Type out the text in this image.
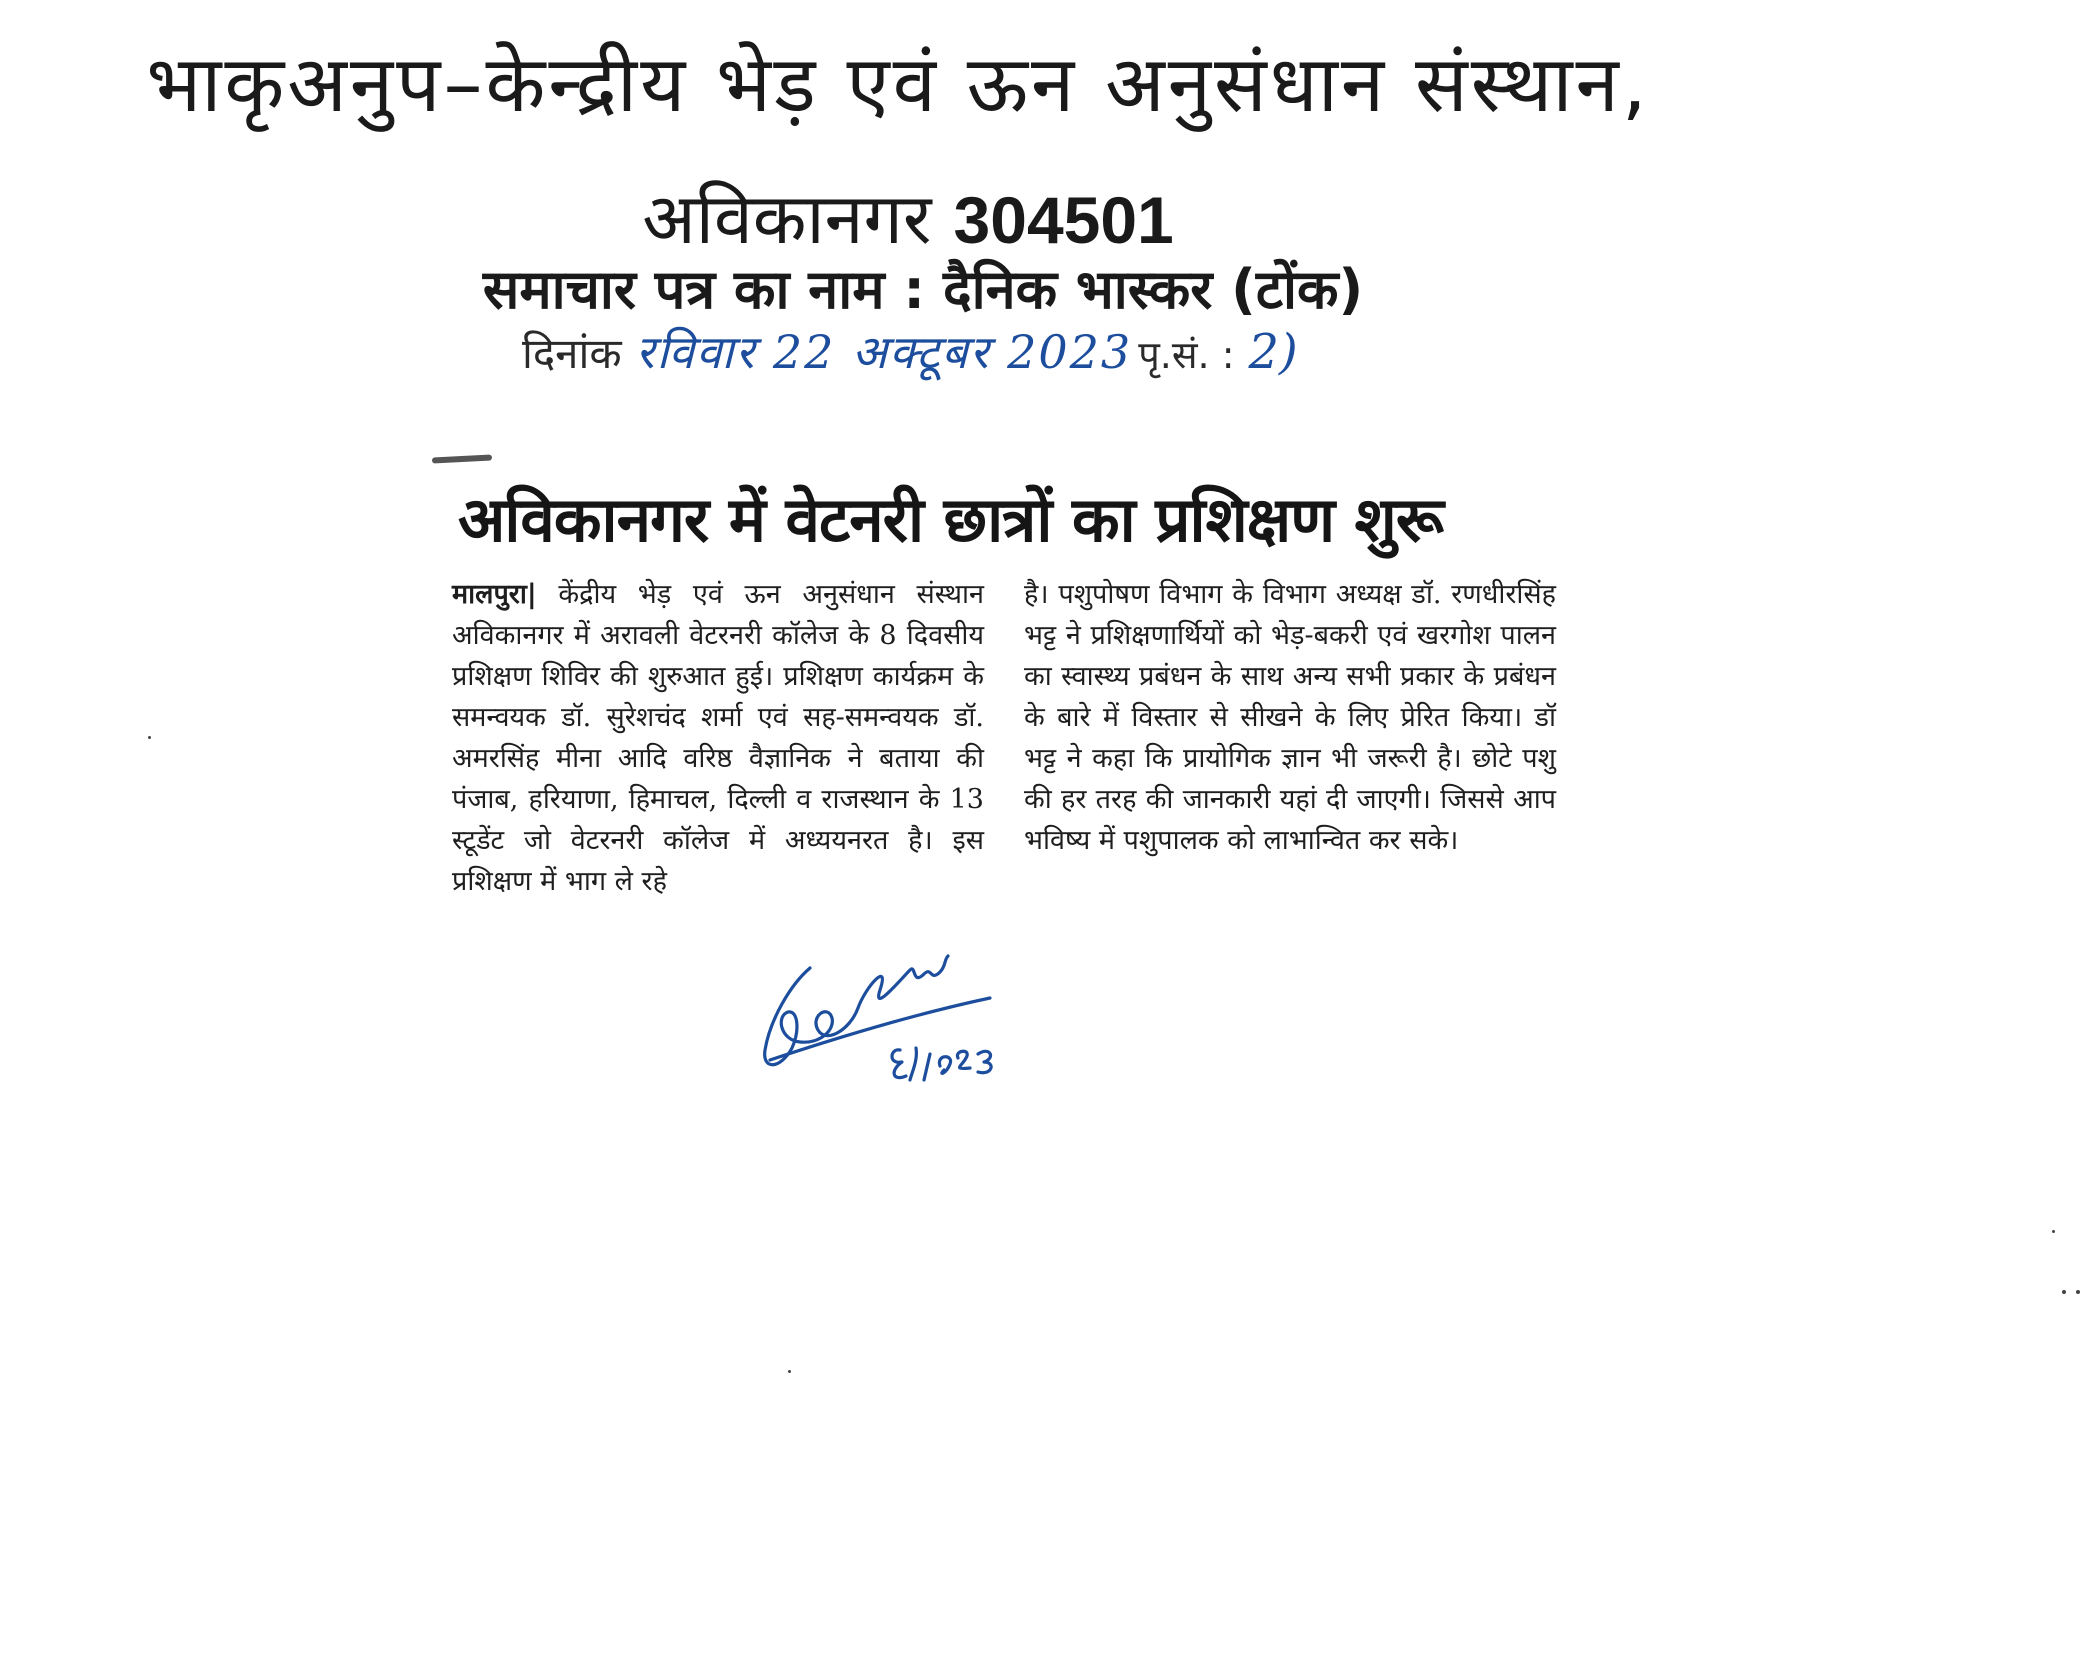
भाकृअनुप–केन्द्रीय भेड़ एवं ऊन अनुसंधान संस्थान,
अविकानगर 304501
समाचार पत्र का नाम : दैनिक भास्कर (टोंक)
दिनांक रविवार 22 अक्टूबर 2023 पृ.सं. : 2)
अविकानगर में वेटनरी छात्रों का प्रशिक्षण शुरू
मालपुरा| केंद्रीय भेड़ एवं ऊन अनुसंधान संस्थान अविकानगर में अरावली वेटरनरी कॉलेज के 8 दिवसीय प्रशिक्षण शिविर की शुरुआत हुई। प्रशिक्षण कार्यक्रम के समन्वयक डॉ. सुरेशचंद शर्मा एवं सह-समन्वयक डॉ. अमरसिंह मीना आदि वरिष्ठ वैज्ञानिक ने बताया की पंजाब, हरियाणा, हिमाचल, दिल्ली व राजस्थान के 13 स्टूडेंट जो वेटरनरी कॉलेज में अध्ययनरत है। इस प्रशिक्षण में भाग ले रहे
है। पशुपोषण विभाग के विभाग अध्यक्ष डॉ. रणधीरसिंह भट्ट ने प्रशिक्षणार्थियों को भेड़-बकरी एवं खरगोश पालन का स्वास्थ्य प्रबंधन के साथ अन्य सभी प्रकार के प्रबंधन के बारे में विस्तार से सीखने के लिए प्रेरित किया। डॉ भट्ट ने कहा कि प्रायोगिक ज्ञान भी जरूरी है। छोटे पशु की हर तरह की जानकारी यहां दी जाएगी। जिससे आप भविष्य में पशुपालक को लाभान्वित कर सके।
25/10/23
